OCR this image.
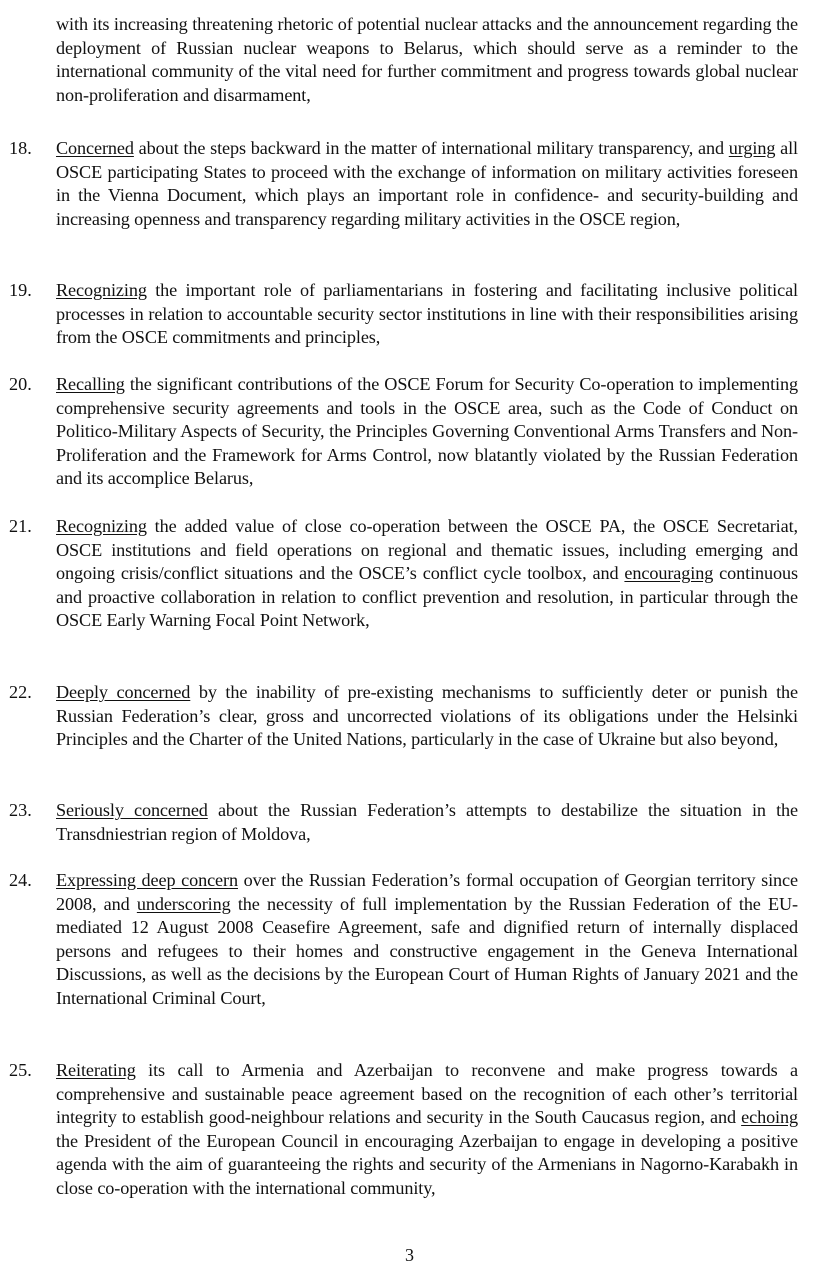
with its increasing threatening rhetoric of potential nuclear attacks and the announcement regarding the deployment of Russian nuclear weapons to Belarus, which should serve as a reminder to the international community of the vital need for further commitment and progress towards global nuclear non-proliferation and disarmament,
18. Concerned about the steps backward in the matter of international military transparency, and urging all OSCE participating States to proceed with the exchange of information on military activities foreseen in the Vienna Document, which plays an important role in confidence- and security-building and increasing openness and transparency regarding military activities in the OSCE region,
19. Recognizing the important role of parliamentarians in fostering and facilitating inclusive political processes in relation to accountable security sector institutions in line with their responsibilities arising from the OSCE commitments and principles,
20. Recalling the significant contributions of the OSCE Forum for Security Co-operation to implementing comprehensive security agreements and tools in the OSCE area, such as the Code of Conduct on Politico-Military Aspects of Security, the Principles Governing Conventional Arms Transfers and Non-Proliferation and the Framework for Arms Control, now blatantly violated by the Russian Federation and its accomplice Belarus,
21. Recognizing the added value of close co-operation between the OSCE PA, the OSCE Secretariat, OSCE institutions and field operations on regional and thematic issues, including emerging and ongoing crisis/conflict situations and the OSCE’s conflict cycle toolbox, and encouraging continuous and proactive collaboration in relation to conflict prevention and resolution, in particular through the OSCE Early Warning Focal Point Network,
22. Deeply concerned by the inability of pre-existing mechanisms to sufficiently deter or punish the Russian Federation’s clear, gross and uncorrected violations of its obligations under the Helsinki Principles and the Charter of the United Nations, particularly in the case of Ukraine but also beyond,
23. Seriously concerned about the Russian Federation’s attempts to destabilize the situation in the Transdniestrian region of Moldova,
24. Expressing deep concern over the Russian Federation’s formal occupation of Georgian territory since 2008, and underscoring the necessity of full implementation by the Russian Federation of the EU-mediated 12 August 2008 Ceasefire Agreement, safe and dignified return of internally displaced persons and refugees to their homes and constructive engagement in the Geneva International Discussions, as well as the decisions by the European Court of Human Rights of January 2021 and the International Criminal Court,
25. Reiterating its call to Armenia and Azerbaijan to reconvene and make progress towards a comprehensive and sustainable peace agreement based on the recognition of each other’s territorial integrity to establish good-neighbour relations and security in the South Caucasus region, and echoing the President of the European Council in encouraging Azerbaijan to engage in developing a positive agenda with the aim of guaranteeing the rights and security of the Armenians in Nagorno-Karabakh in close co-operation with the international community,
3
